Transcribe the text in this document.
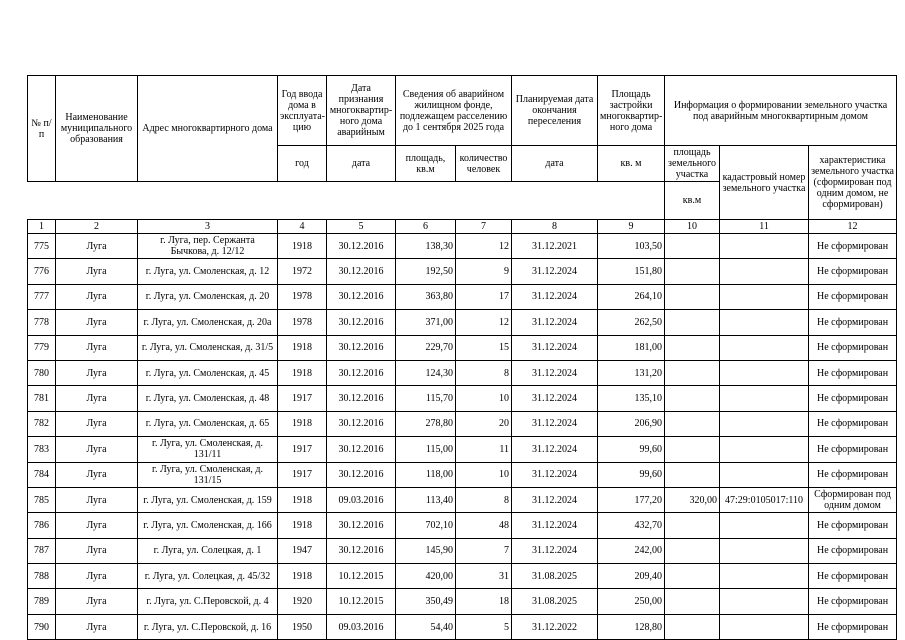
№ п/п	Наименование муниципального образования	Адрес многоквартирного дома	Год ввода дома в эксплуата-цию	Дата признания многоквартир-ного дома аварийным	Сведения об аварийном жилищном фонде, подлежащем расселению до 1 сентября 2025 года		Планируемая дата окончания переселения	Площадь застройки многоквартир-ного дома	Информация о формировании земельного участка под аварийным многоквартирным домом		
			год	дата	площадь, кв.м	количество человек	дата	кв. м	площадь земельного участка	кадастровый номер земельного участка	характеристика земельного участка (сформирован под одним домом, не сформирован)
									кв.м		
1	2	3	4	5	6	7	8	9	10	11	12
775	Луга	г. Луга, пер. Сержанта Бычкова, д. 12/12	1918	30.12.2016	138,30	12	31.12.2021	103,50			Не сформирован
776	Луга	г. Луга, ул. Смоленская, д. 12	1972	30.12.2016	192,50	9	31.12.2024	151,80			Не сформирован
777	Луга	г. Луга, ул. Смоленская, д. 20	1978	30.12.2016	363,80	17	31.12.2024	264,10			Не сформирован
778	Луга	г. Луга, ул. Смоленская, д. 20а	1978	30.12.2016	371,00	12	31.12.2024	262,50			Не сформирован
779	Луга	г. Луга, ул. Смоленская, д. 31/5	1918	30.12.2016	229,70	15	31.12.2024	181,00			Не сформирован
780	Луга	г. Луга, ул. Смоленская, д. 45	1918	30.12.2016	124,30	8	31.12.2024	131,20			Не сформирован
781	Луга	г. Луга, ул. Смоленская, д. 48	1917	30.12.2016	115,70	10	31.12.2024	135,10			Не сформирован
782	Луга	г. Луга, ул. Смоленская, д. 65	1918	30.12.2016	278,80	20	31.12.2024	206,90			Не сформирован
783	Луга	г. Луга, ул. Смоленская, д. 131/11	1917	30.12.2016	115,00	11	31.12.2024	99,60			Не сформирован
784	Луга	г. Луга, ул. Смоленская, д. 131/15	1917	30.12.2016	118,00	10	31.12.2024	99,60			Не сформирован
785	Луга	г. Луга, ул. Смоленская, д. 159	1918	09.03.2016	113,40	8	31.12.2024	177,20	320,00	47:29:0105017:110	Сформирован под одним домом
786	Луга	г. Луга, ул. Смоленская, д. 166	1918	30.12.2016	702,10	48	31.12.2024	432,70			Не сформирован
787	Луга	г. Луга, ул. Солецкая, д. 1	1947	30.12.2016	145,90	7	31.12.2024	242,00			Не сформирован
788	Луга	г. Луга, ул. Солецкая, д. 45/32	1918	10.12.2015	420,00	31	31.08.2025	209,40			Не сформирован
789	Луга	г. Луга, ул. С.Перовской, д. 4	1920	10.12.2015	350,49	18	31.08.2025	250,00			Не сформирован
790	Луга	г. Луга, ул. С.Перовской, д. 16	1950	09.03.2016	54,40	5	31.12.2022	128,80			Не сформирован
